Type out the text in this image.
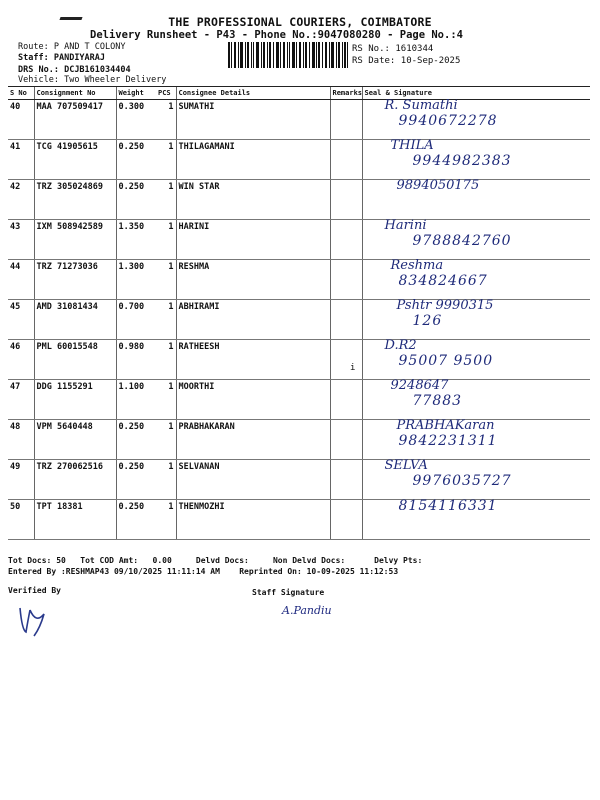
THE PROFESSIONAL COURIERS, COIMBATORE
Delivery Runsheet - P43 - Phone No.:9047080280 - Page No.:4
Route: P AND T COLONY
Staff: PANDIYARAJ
DRS No.: DCJB161034404
Vehicle: Two Wheeler Delivery
RS No.: 1610344
RS Date: 10-Sep-2025
S No	Consignment No	Weight	PCS	Consignee Details	Remarks	Seal & Signature
40	MAA 707509417	0.300	1	SUMATHI		R. Sumathi
9940672278

41	TCG 41905615	0.250	1	THILAGAMANI		THILA
9944982383

42	TRZ 305024869	0.250	1	WIN STAR		9894050175

43	IXM 508942589	1.350	1	HARINI		Harini
9788842760

44	TRZ 71273036	1.300	1	RESHMA		Reshma
834824667

45	AMD 31081434	0.700	1	ABHIRAMI		Pshtr 9990315
126

46	PML 60015548	0.980	1	RATHEESH		D.R2
95007 9500

47	DDG 1155291	1.100	1	MOORTHI		9248647
77883

48	VPM 5640448	0.250	1	PRABHAKARAN		PRABHAKaran
9842231311

49	TRZ 270062516	0.250	1	SELVANAN		SELVA
9976035727

50	TPT 18381	0.250	1	THENMOZHI		8154116331
i
Tot Docs: 50 Tot COD Amt: 0.00	Delvd Docs:	Non Delvd Docs:	Delvy Pts:
Entered By :RESHMAP43 09/10/2025 11:11:14 AM Reprinted On: 10-09-2025 11:12:53
Verified By	Staff Signature
A.Pandiu
